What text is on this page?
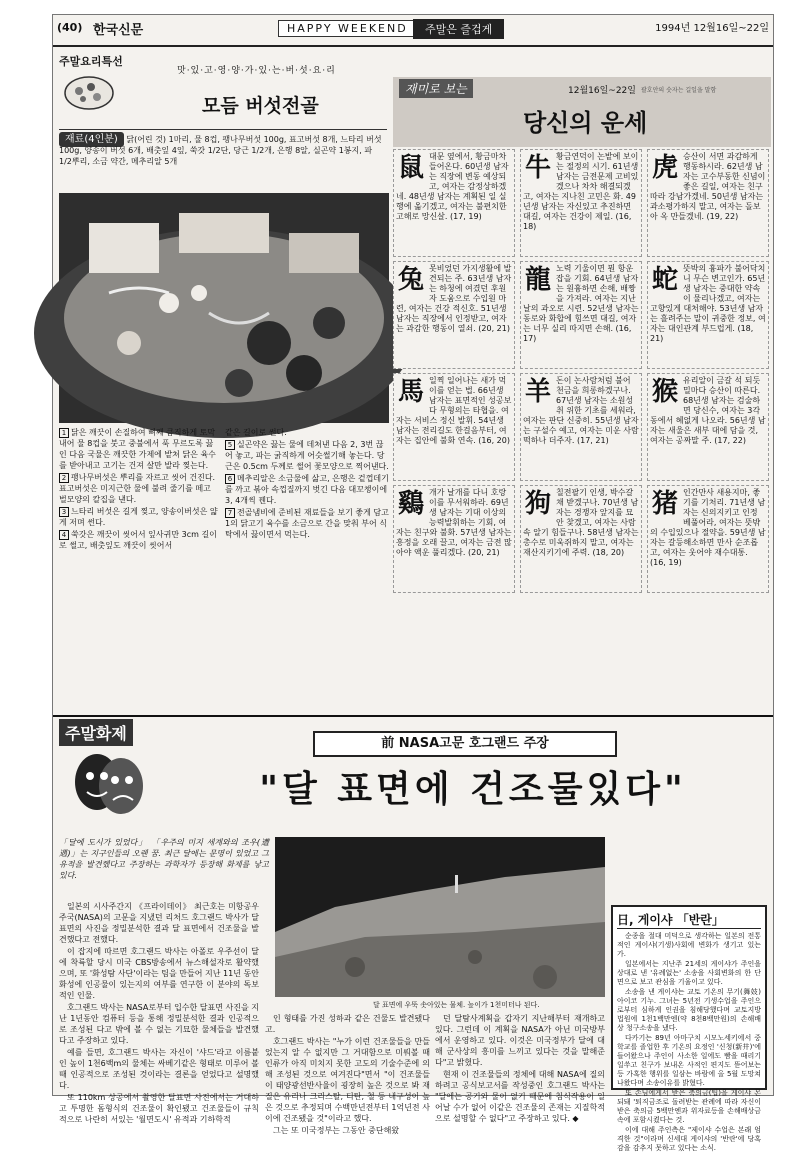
(40) 한국신문	HAPPY WEEKEND	주말은 즐겁게	1994년 12월16일~22일
주말요리특선
맛·있·고·영·양·가·있·는·버·섯·요·리
모듬 버섯전골
재료(4인분) 닭(어린 것) 1마리, 물 8컵, 팽나무버섯 100g, 표고버섯 8개, 느타리 버섯 100g, 양송이 버섯 6개, 배춧잎 4잎, 쑥갓 1/2단, 당근 1/2개, 은행 8알, 실곤약 1봉지, 파 1/2뿌리, 소금 약간, 메추리알 5개
1 닭은 깨끗이 손질하여 뼈째 큼직하게 토막내어 물 8컵을 붓고 중불에서 푹 무르도록 끓인 다음 국물은 깨끗한 가제에 밭쳐 닭은 육수를 받아내고 고기는 건져 살만 발라 찢는다.
2 팽나무버섯은 뿌리를 자르고 씻어 건진다. 표고버섯은 미지근한 물에 불려 줄기를 떼고 벌모양의 칼집을 낸다.
3 느타리 버섯은 길게 찢고, 양송이버섯은 얇게 저며 썬다.
4 쑥갓은 깨끗이 씻어서 잎사귀만 3cm 길이로 썰고, 배춧잎도 깨끗이 씻어서
같은 길이로 썬다.
5 실곤약은 끓는 물에 데쳐낸 다음 2, 3번 끊어 놓고, 파는 굵직하게 어슷썰기해 놓는다. 당근은 0.5cm 두께로 썰어 꽃모양으로 찍어낸다.
6 메추리알은 소금물에 삶고, 은행은 겉껍데기를 까고 볶아 속껍질까지 벗긴 다음 대꼬챙이에 3, 4개씩 꿴다.
7 전골냄비에 준비된 재료들을 보기 좋게 담고 1의 닭고기 육수를 소금으로 간을 맞춰 부어 식탁에서 끓이면서 먹는다.
재미로 보는	12월16일~22일 괄호안의 숫자는 길일을 말함
당신의 운세
鼠대문 옆에서, 황금마차 들어온다. 60년생 남자는 직장에 변동 예상되고, 여자는 감정상하겠네. 48년생 남자는 계획된 일 실행에 옮기겠고, 여자는 불편치한 고해로 망신살. (17, 19)
牛황금연덕이 논밭에 보이는 절정의 시기. 61년생 남자는 금전문제 고비있겠으나 차차 해결되겠고, 여자는 지나친 고민은 화. 49년생 남자는 자신있고 추진하면 대길, 여자는 건강이 제일. (16, 18)
虎승산이 서면 과감하게 행동하시라. 62년생 남자는 고수부동한 신념이 좋은 길일, 여자는 친구따라 강남가겠네. 50년생 남자는 과소평가하지 말고, 여자는 돌보아 옥 만들겠네. (19, 22)
兔못비었던 가지생활에 발견되는 주. 63년생 남자는 하청에 여겼던 후원자 도움으로 수입원 마련, 여자는 건강 적신호. 51년생 남자는 직장에서 인정받고, 여자는 과감한 행동이 열쇠. (20, 21)
龍노력 기울이면 뭔 항운 잡을 기회. 64년생 남자는 원흉하면 손해, 배짱을 가져라. 여자는 지난날의 과오로 시련. 52년생 남자는 동로와 화합에 힘쓰면 대길, 여자는 너무 실리 따지면 손해. (16, 17)
蛇뜻박의 흉파가 불어닥치니 무슨 변고인가. 65년생 남자는 중대한 약속이 물리나겠고, 여자는 고향있게 대처해야. 53년생 남자는 흘려주는 말이 귀중한 정보, 여자는 대인관계 부드럽게. (18, 21)
馬일찍 일어나는 새가 먹이를 얻는 법. 66년생 남자는 표면적인 성공보다 무형의는 타협을. 여자는 서비스 정신 발휘. 54년생 남자는 전리길도 한걸음부터, 여자는 집안에 불화 연속. (16, 20)
羊돈이 논사람처럼 불어 천금을 희롱하겠구나. 67년생 남자는 소원성취 위한 기초를 세워라, 여자는 판단 신중히. 55년생 남자는 구설수 예고, 여자는 미운 사람 떡하나 더주자. (17, 21)
猴유리알이 금갈 석 되듯 밀마다 승산이 따른다. 68년생 남자는 검술하면 당신수, 여자는 3각 동에서 혜없게 나오라. 56년생 남자는 새울은 새부 대에 담을 것, 여자는 공짜말 주. (17, 22)
鷄개가 날개를 다니 호랑이를 무서워하라. 69년생 남자는 기대 이상의 능력발휘하는 기회, 여자는 친구와 불화. 57년생 남자는 흥정을 오래 끌고, 여자는 금전 많아야 액운 풀리겠다. (20, 21)
狗칠전팔기 인생, 박수갈채 받겠구나. 70년생 남자는 경쟁자 앞지를 묘안 찾겠고, 여자는 사람속 알기 힘들구나. 58년생 남자는 총수로 미욱쥐하지 말고, 여자는 재산지키기에 주력. (18, 20)
猪인간만사 새용지마, 좋기를 기처리. 71년생 남자는 신의지키고 인정 베풀어라, 여자는 뜻밖의 수입있으나 절약을. 59년생 남자는 갈등해소하면 만사 순조롭고, 여자는 웃어야 재수대통. (16, 19)
주말화제
前 NASA고문 호그랜드 주장
"달 표면에 건조물있다"
「달에 도시가 있었다」 「우주의 미지 세계와의 조우(遭遇)」는 지구인들의 오랜 꿈. 최근 달에는 문명이 있었고 그 유적을 발견했다고 주장하는 과학자가 등장해 화제를 낳고 있다.
달 표면에 우뚝 솟아있는 물체. 높이가 1천미터나 된다.

일본의 시사주간지 《프라이데이》 최근호는 미항공우주국(NASA)의 고문을 지냈던 리처드 호그랜드 박사가 달 표면의 사진을 정밀분석한 결과 달 표면에서 건조물을 발견했다고 전했다.

이 잡지에 따르면 호그랜드 박사는 아폴로 우주선이 달에 착륙할 당시 미국 CBS방송에서 뉴스해설자로 활약했으며, 또 '화성탐 사단'이라는 팀을 만들어 지난 11년 동안 화성에 인공물이 있는지의 여부를 연구한 이 분야의 독보적인 인물.

호그랜드 박사는 NASA로부터 입수한 달표면 사진을 지난 1년동안 컴퓨터 등을 통해 정밀분석한 결과 인공적으로 조성된 다고 밖에 볼 수 없는 기묘한 물체들을 발견했다고 주장하고 있다.

예를 들면, 호그랜드 박사는 자신이 '샤드'라고 이름붙인 높이 1천6백m의 물체는 싸베기같은 형태로 미루어 볼 때 인공적으로 조성된 것이라는 결론을 얻었다고 설명했다.

또 110km 상공에서 촬영한 달표면 사진에서는 거대하고 투명한 돔형식의 건조물이 확인됐고 건조물들이 규칙적으로 나란히 서있는 '월면도시' 유적과 기하학적

인 형태를 가진 성하과 같은 건물도 발견됐다고.

호그랜드 박사는 "누가 이런 건조물들을 만들었는지 알 수 없지만 그 거대함으로 미뤄볼 때 인류가 아직 미치지 못한 고도의 기술수준에 의해 조성된 것으로 여겨진다"면서 "이 건조물들이 태양광선반사율이 굉장히 높은 것으로 봐 재질은 유리나 크리스탈, 티탄, 철 등 내구성이 높은 것으로 추정되며 수백만년전부터 1억년전 사이에 건조됐을 것"이라고 했다.

그는 또 미국정부는 그동안 중단해왔

던 달탐사계획을 갑자기 지난해부터 재개하고 있다. 그런데 이 계획을 NASA가 아닌 미국방부에서 운영하고 있다. 이것은 미국정부가 달에 대해 군사상의 흥미를 느끼고 있다는 것을 말해준다"고 밝혔다.

현재 이 건조물들의 정체에 대해 NASA에 질의하려고 공식보고서를 작성중인 호그랜드 박사는 "달에는 공기와 물이 없기 때문에 침식작용이 일어날 수가 없어 이같은 건조물의 존재는 지질학적으로 설명할 수 없다"고 주장하고 있다. ◆

日, 게이샤 「반란」

순종을 절대 미덕으로 생각하는 일본의 전통적인 게이샤(기생)사회에 변화가 생기고 있는가.

일본에서는 지난주 21세의 게이샤가 주인을 상대로 낸 '유례없는' 소송을 사회변화의 한 단면으로 보고 관심을 기울이고 있다.

소송을 낸 게이샤는 교토 기온의 무기(舞妓) 아이코 기누. 그녀는 5년전 기생수업을 주인으로부터 심하게 인권을 침해당했다며 교토지방법원에 1천1백만엔(약 8천8백만원)의 손해배상 청구소송을 냈다.

다카기는 89년 아마구치 시모노세키에서 중학교를 졸업한 후 기온의 요정인 '신청(新井)'에 들어왔으나 주인이 사소한 일에도 빰을 때리기 일쑤고 친구가 보내온 사적인 편지도 뜯어보는 등 가혹한 행위를 일삼는 바람에 올 5월 도망쳐 나왔다며 소송이유를 밝혔다.

또 손님에게서 받은 축의금(팁)을 게이샤 몬되돼 '퇴직금조로 돌려받는 관례에 따라 자신이 받은 축의금 5백만엔과 위자료등을 손해배상금속에 포함시켰다는 것.

이에 대해 주인측은 "제이샤 수업은 본래 엄격한 것"이라며 신세대 게이샤의 '반란'에 당혹감을 감추지 못하고 있다는 소식.
